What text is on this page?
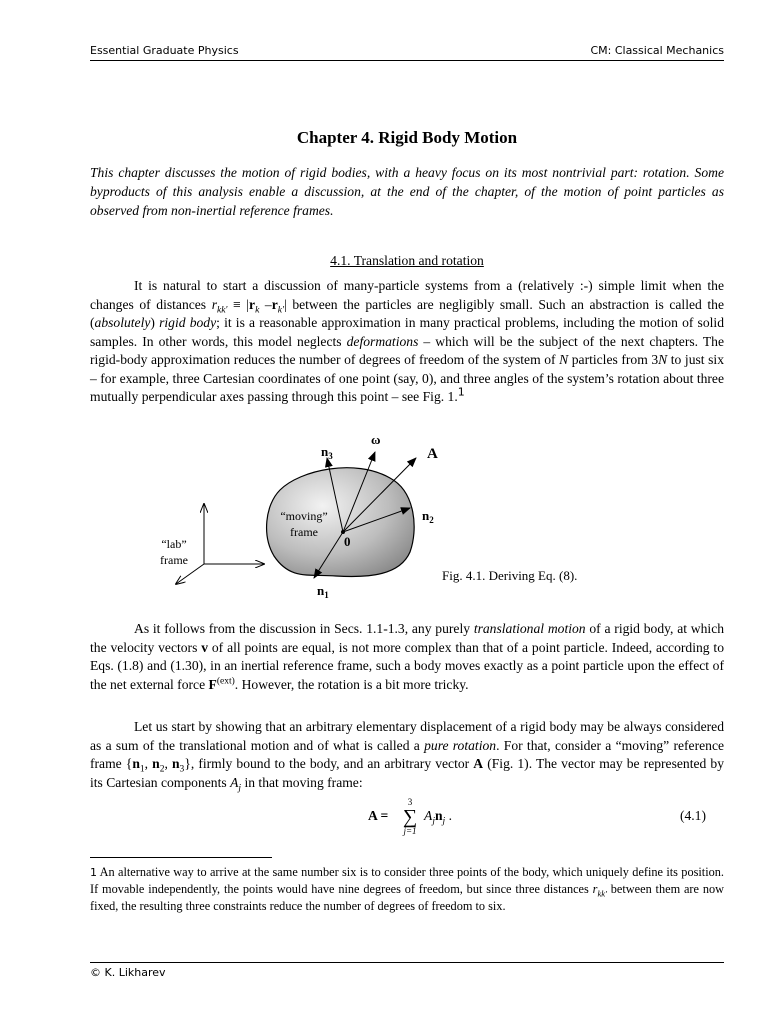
Essential Graduate Physics	CM: Classical Mechanics
Chapter 4. Rigid Body Motion

This chapter discusses the motion of rigid bodies, with a heavy focus on its most nontrivial part: rotation. Some byproducts of this analysis enable a discussion, at the end of the chapter, of the motion of point particles as observed from non-inertial reference frames.

4.1. Translation and rotation

It is natural to start a discussion of many-particle systems from a (relatively :-) simple limit when the changes of distances $r_{kk'} \equiv |r_k$ $-r_{k'}|$ between the particles are negligibly small. Such an abstraction is called the (absolutely) rigid body; it is a reasonable approximation in many practical problems, including the motion of solid samples. In other words, this model neglects deformations – which will be the subject of the next chapters. The rigid-body approximation reduces the number of degrees of freedom of the system of N particles from 3N to just six – for example, three Cartesian coordinates of one point (say, 0), and three angles of the system’s rotation about three mutually perpendicular axes passing through this point – see Fig. 1.$^1$

$n_3$
ω
A
$n_2$
$n_1$
0
“moving”
frame
“lab”
frame
Fig. 4.1. Deriving Eq. (8).

As it follows from the discussion in Secs. 1.1-1.3, any purely translational motion of a rigid body, at which the velocity vectors v of all points are equal, is not more complex than that of a point particle. Indeed, according to Eqs. (1.8) and (1.30), in an inertial reference frame, such a body moves exactly as a point particle upon the effect of the net external force $F^{(ext)}$. However, the rotation is a bit more tricky.

Let us start by showing that an arbitrary elementary displacement of a rigid body may be always considered as a sum of the translational motion and of what is called a pure rotation. For that, consider a “moving” reference frame {$n_1$, $n_2$, $n_3$}, firmly bound to the body, and an arbitrary vector A (Fig. 1). The vector may be represented by its Cartesian components $A_j$ in that moving frame:

A =
3
∑
j=1
$A_jn_j$ .	(4.1)

1 An alternative way to arrive at the same number six is to consider three points of the body, which uniquely define its position. If movable independently, the points would have nine degrees of freedom, but since three distances $r_{kk'}$ between them are now fixed, the resulting three constraints reduce the number of degrees of freedom to six.

© K. Likharev
